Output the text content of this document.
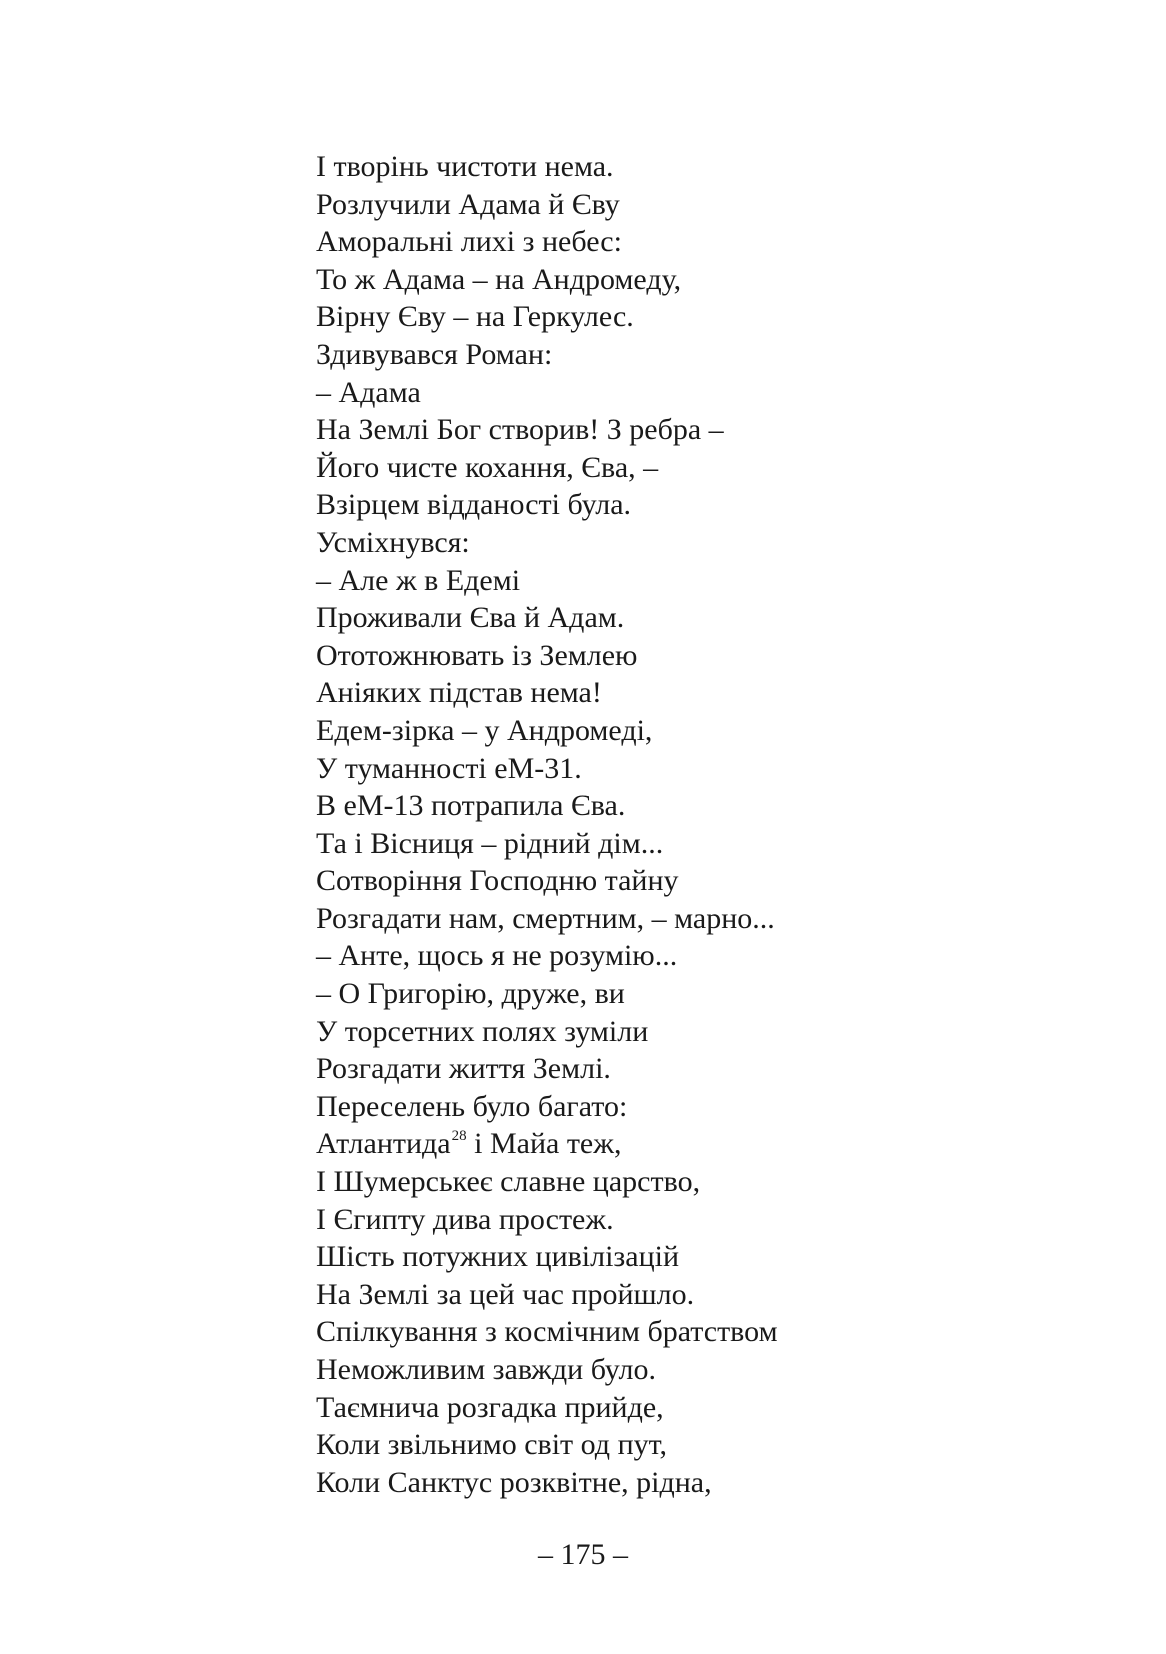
І творінь чистоти нема.
Розлучили Адама й Єву
Аморальні лихі з небес:
То ж Адама – на Андромеду,
Вірну Єву – на Геркулес.
Здивувався Роман:
– Адама
На Землі Бог створив! З ребра –
Його чисте кохання, Єва, –
Взірцем відданості була.
Усміхнувся:
– Але ж в Едемі
Проживали Єва й Адам.
Ототожнювать із Землею
Аніяких підстав нема!
Едем-зірка – у Андромеді,
У туманності еМ-31.
В еМ-13 потрапила Єва.
Та і Вісниця – рідний дім...
Сотворіння Господню тайну
Розгадати нам, смертним, – марно...
– Анте, щось я не розумію...
– О Григорію, друже, ви
У торсетних полях зуміли
Розгадати життя Землі.
Переселень було багато:
Атлантида$^{28}$ і Майа теж,
І Шумерськеє славне царство,
І Єгипту дива простеж.
Шість потужних цивілізацій
На Землі за цей час пройшло.
Спілкування з космічним братством
Неможливим завжди було.
Таємнича розгадка прийде,
Коли звільнимо світ од пут,
Коли Санктус розквітне, рідна,
– 175 –
